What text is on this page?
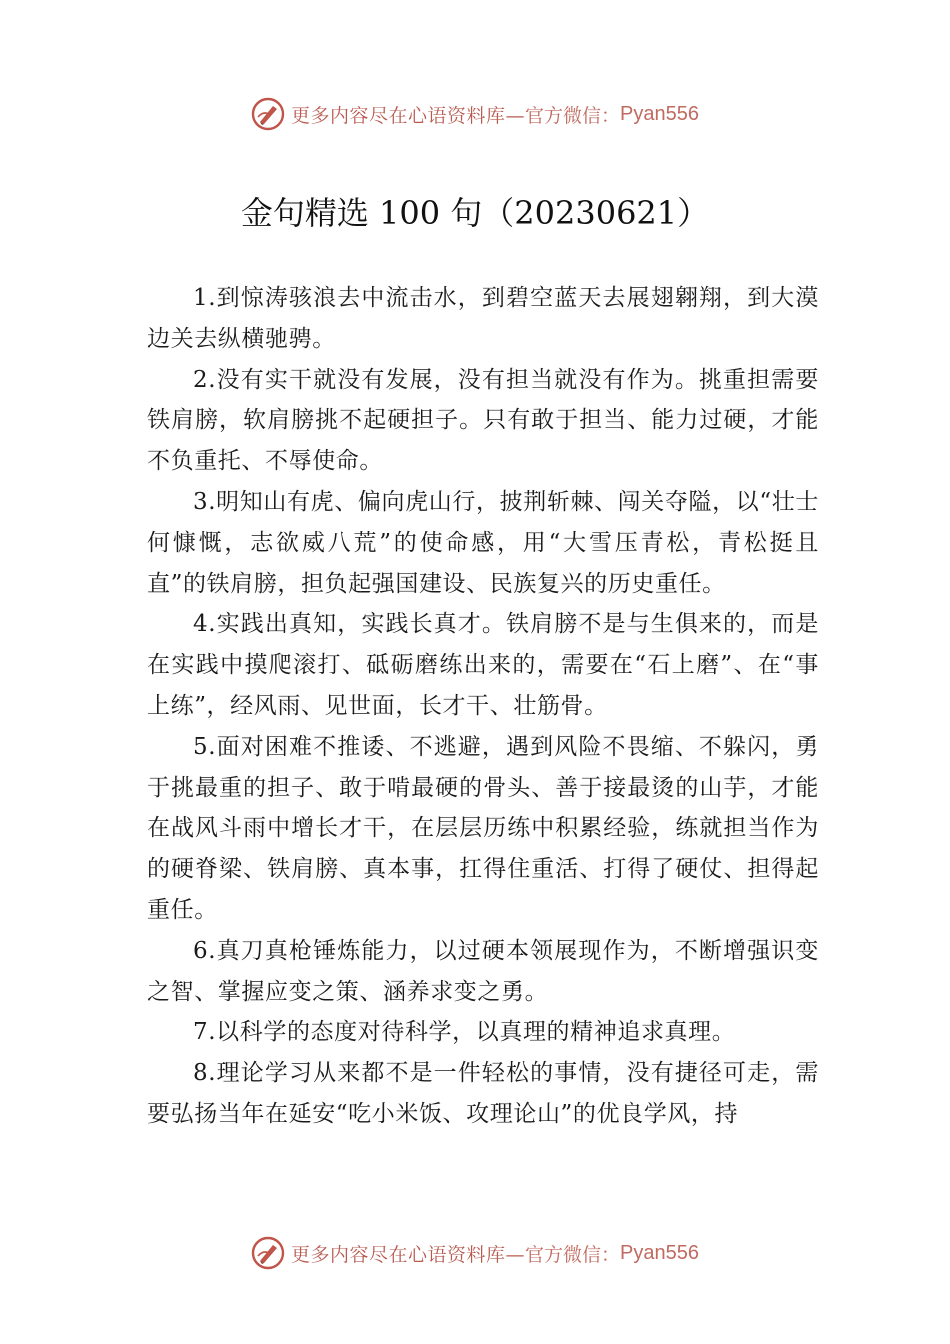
更多内容尽在心语资料库— 官方微信： Pyan556
金句精选 100 句（20230621）

1.到惊涛骇浪去中流击水，到碧空蓝天去展翅翱翔，到大漠边关去纵横驰骋。

2.没有实干就没有发展，没有担当就没有作为。挑重担需要铁肩膀，软肩膀挑不起硬担子。只有敢于担当、能力过硬，才能不负重托、不辱使命。

3.明知山有虎、偏向虎山行，披荆斩棘、闯关夺隘，以“壮士何慷慨，志欲威八荒”的使命感，用“大雪压青松，青松挺且直”的铁肩膀，担负起强国建设、民族复兴的历史重任。

4.实践出真知，实践长真才。铁肩膀不是与生俱来的，而是在实践中摸爬滚打、砥砺磨练出来的，需要在“石上磨”、在“事上练”，经风雨、见世面，长才干、壮筋骨。

5.面对困难不推诿、不逃避，遇到风险不畏缩、不躲闪，勇于挑最重的担子、敢于啃最硬的骨头、善于接最烫的山芋，才能在战风斗雨中增长才干，在层层历练中积累经验，练就担当作为的硬脊梁、铁肩膀、真本事，扛得住重活、打得了硬仗、担得起重任。

6.真刀真枪锤炼能力，以过硬本领展现作为，不断增强识变之智、掌握应变之策、涵养求变之勇。

7.以科学的态度对待科学，以真理的精神追求真理。

8.理论学习从来都不是一件轻松的事情，没有捷径可走，需要弘扬当年在延安“吃小米饭、攻理论山”的优良学风，持

更多内容尽在心语资料库— 官方微信： Pyan556
